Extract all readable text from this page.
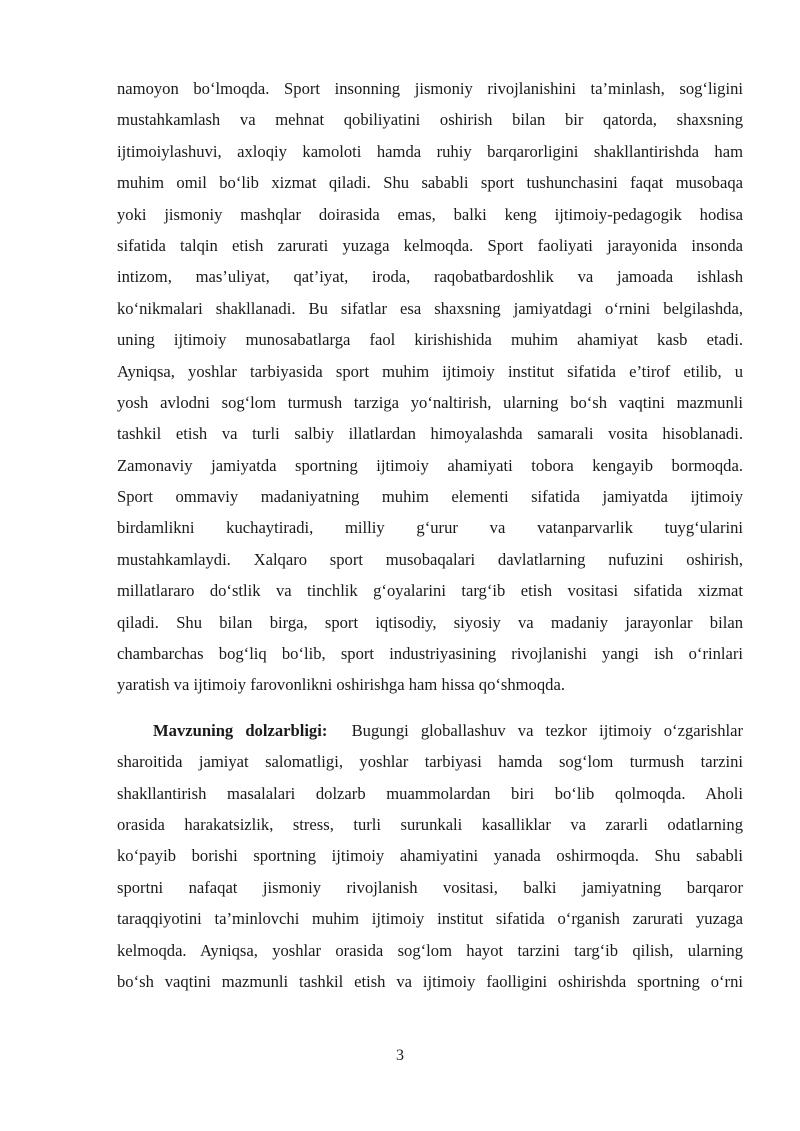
namoyon bo‘lmoqda. Sport insonning jismoniy rivojlanishini ta’minlash, sog‘ligini
mustahkamlash va mehnat qobiliyatini oshirish bilan bir qatorda, shaxsning
ijtimoiylashuvi, axloqiy kamoloti hamda ruhiy barqarorligini shakllantirishda ham
muhim omil bo‘lib xizmat qiladi. Shu sababli sport tushunchasini faqat musobaqa
yoki jismoniy mashqlar doirasida emas, balki keng ijtimoiy-pedagogik hodisa
sifatida talqin etish zarurati yuzaga kelmoqda. Sport faoliyati jarayonida insonda
intizom, mas’uliyat, qat’iyat, iroda, raqobatbardoshlik va jamoada ishlash
ko‘nikmalari shakllanadi. Bu sifatlar esa shaxsning jamiyatdagi o‘rnini belgilashda,
uning ijtimoiy munosabatlarga faol kirishishida muhim ahamiyat kasb etadi.
Ayniqsa, yoshlar tarbiyasida sport muhim ijtimoiy institut sifatida e’tirof etilib, u
yosh avlodni sog‘lom turmush tarziga yo‘naltirish, ularning bo‘sh vaqtini mazmunli
tashkil etish va turli salbiy illatlardan himoyalashda samarali vosita hisoblanadi.
Zamonaviy jamiyatda sportning ijtimoiy ahamiyati tobora kengayib bormoqda.
Sport ommaviy madaniyatning muhim elementi sifatida jamiyatda ijtimoiy
birdamlikni kuchaytiradi, milliy g‘urur va vatanparvarlik tuyg‘ularini
mustahkamlaydi. Xalqaro sport musobaqalari davlatlarning nufuzini oshirish,
millatlararo do‘stlik va tinchlik g‘oyalarini targ‘ib etish vositasi sifatida xizmat
qiladi. Shu bilan birga, sport iqtisodiy, siyosiy va madaniy jarayonlar bilan
chambarchas bog‘liq bo‘lib, sport industriyasining rivojlanishi yangi ish o‘rinlari
yaratish va ijtimoiy farovonlikni oshirishga ham hissa qo‘shmoqda.
Mavzuning dolzarbligi: Bugungi globallashuv va tezkor ijtimoiy o‘zgarishlar
sharoitida jamiyat salomatligi, yoshlar tarbiyasi hamda sog‘lom turmush tarzini
shakllantirish masalalari dolzarb muammolardan biri bo‘lib qolmoqda. Aholi
orasida harakatsizlik, stress, turli surunkali kasalliklar va zararli odatlarning
ko‘payib borishi sportning ijtimoiy ahamiyatini yanada oshirmoqda. Shu sababli
sportni nafaqat jismoniy rivojlanish vositasi, balki jamiyatning barqaror
taraqqiyotini ta’minlovchi muhim ijtimoiy institut sifatida o‘rganish zarurati yuzaga
kelmoqda. Ayniqsa, yoshlar orasida sog‘lom hayot tarzini targ‘ib qilish, ularning
bo‘sh vaqtini mazmunli tashkil etish va ijtimoiy faolligini oshirishda sportning o‘rni
3
